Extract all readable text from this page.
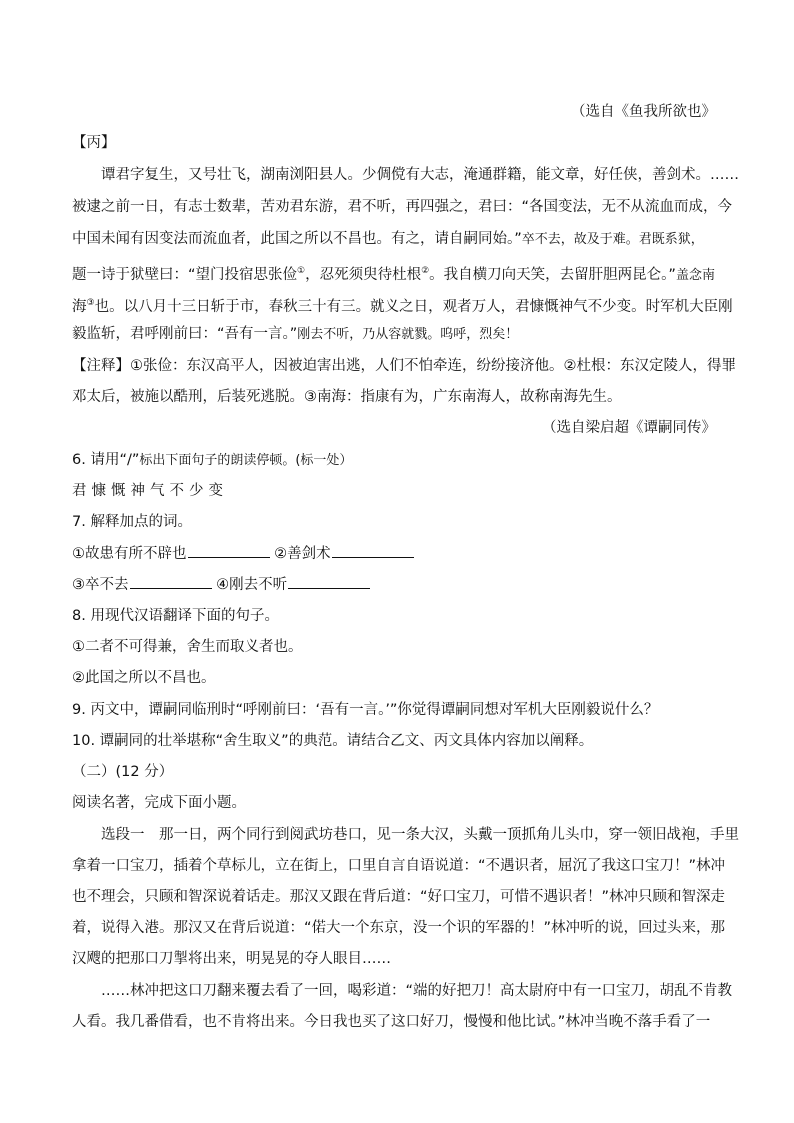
（选自《鱼我所欲也》
【丙】
谭君字复生，又号壮飞，湖南浏阳县人。少倜傥有大志，淹通群籍，能文章，好任侠，善剑术。……
被逮之前一日，有志士数辈，苦劝君东游，君不听，再四强之，君曰：“各国变法，无不从流血而成，今
中国未闻有因变法而流血者，此国之所以不昌也。有之，请自嗣同始。”卒不去，故及于难。君既系狱，
题一诗于狱壁曰：“望门投宿思张俭①，忍死须臾待杜根②。我自横刀向天笑，去留肝胆两昆仑。”盖念南
海③也。以八月十三日斩于市，春秋三十有三。就义之日，观者万人，君慷慨神气不少变。时军机大臣刚
毅监斩，君呼刚前曰：“吾有一言。”刚去不听，乃从容就戮。呜呼，烈矣！
【注释】①张俭：东汉高平人，因被迫害出逃，人们不怕牵连，纷纷接济他。②杜根：东汉定陵人，得罪
邓太后，被施以酷刑，后装死逃脱。③南海：指康有为，广东南海人，故称南海先生。
（选自梁启超《谭嗣同传》
6. 请用“/”标出下面句子的朗读停顿。(标一处）
君慷慨神气不少变
7. 解释加点的词。
①故患有所不辟也	②善剑术
③卒不去	④刚去不听
8. 用现代汉语翻译下面的句子。
①二者不可得兼，舍生而取义者也。
②此国之所以不昌也。
9. 丙文中，谭嗣同临刑时“呼刚前曰：‘吾有一言。’”你觉得谭嗣同想对军机大臣刚毅说什么？
10. 谭嗣同的壮举堪称“舍生取义”的典范。请结合乙文、丙文具体内容加以阐释。
（二）(12 分）
阅读名著，完成下面小题。
选段一　那一日，两个同行到阅武坊巷口，见一条大汉，头戴一顶抓角儿头巾，穿一领旧战袍，手里
拿着一口宝刀，插着个草标儿，立在街上，口里自言自语说道：“不遇识者，屈沉了我这口宝刀！”林冲
也不理会，只顾和智深说着话走。那汉又跟在背后道：“好口宝刀，可惜不遇识者！”林冲只顾和智深走
着，说得入港。那汉又在背后说道：“偌大一个东京，没一个识的军器的！”林冲听的说，回过头来，那
汉飕的把那口刀掣将出来，明晃晃的夺人眼目……
……林冲把这口刀翻来覆去看了一回，喝彩道：“端的好把刀！高太尉府中有一口宝刀，胡乱不肯教
人看。我几番借看，也不肯将出来。今日我也买了这口好刀，慢慢和他比试。”林冲当晚不落手看了一
